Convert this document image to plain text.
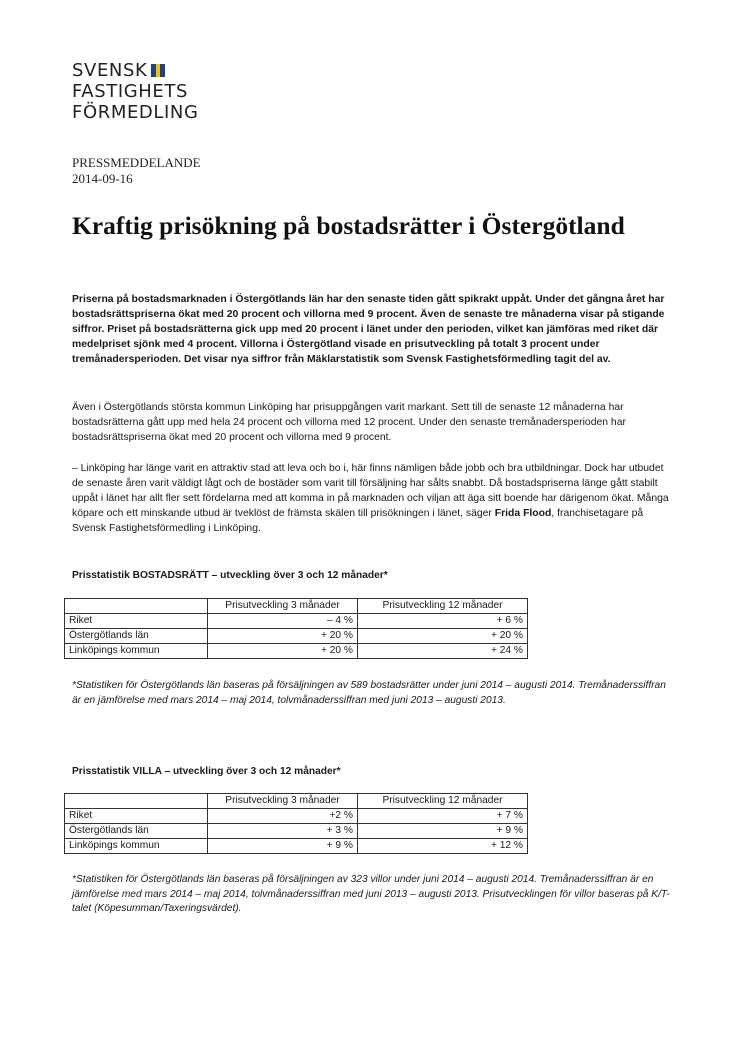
SVENSK
FASTIGHETS
FÖRMEDLING
PRESSMEDDELANDE
2014-09-16
Kraftig prisökning på bostadsrätter i Östergötland

Priserna på bostadsmarknaden i Östergötlands län har den senaste tiden gått spikrakt uppåt. Under det gångna året har bostadsrättspriserna ökat med 20 procent och villorna med 9 procent. Även de senaste tre månaderna visar på stigande siffror. Priset på bostadsrätterna gick upp med 20 procent i länet under den perioden, vilket kan jämföras med riket där medelpriset sjönk med 4 procent. Villorna i Östergötland visade en prisutveckling på totalt 3 procent under tremånadersperioden. Det visar nya siffror från Mäklarstatistik som Svensk Fastighetsförmedling tagit del av.

Även i Östergötlands största kommun Linköping har prisuppgången varit markant. Sett till de senaste 12 månaderna har bostadsrätterna gått upp med hela 24 procent och villorna med 12 procent. Under den senaste tremånadersperioden har bostadsrättspriserna ökat med 20 procent och villorna med 9 procent.

– Linköping har länge varit en attraktiv stad att leva och bo i, här finns nämligen både jobb och bra utbildningar. Dock har utbudet de senaste åren varit väldigt lågt och de bostäder som varit till försäljning har sålts snabbt. Då bostadspriserna länge gått stabilt uppåt i länet har allt fler sett fördelarna med att komma in på marknaden och viljan att äga sitt boende har därigenom ökat. Många köpare och ett minskande utbud är tveklöst de främsta skälen till prisökningen i länet, säger Frida Flood, franchisetagare på Svensk Fastighetsförmedling i Linköping.

Prisstatistik BOSTADSRÄTT – utveckling över 3 och 12 månader*

	Prisutveckling 3 månader	Prisutveckling 12 månader
Riket	– 4 %	+ 6 %
Östergötlands län	+ 20 %	+ 20 %
Linköpings kommun	+ 20 %	+ 24 %

*Statistiken för Östergötlands län baseras på försäljningen av 589 bostadsrätter under juni 2014 – augusti 2014. Tremånaderssiffran är en jämförelse med mars 2014 – maj 2014, tolvmånaderssiffran med juni 2013 – augusti 2013.

Prisstatistik VILLA – utveckling över 3 och 12 månader*

	Prisutveckling 3 månader	Prisutveckling 12 månader
Riket	+2 %	+ 7 %
Östergötlands län	+ 3 %	+ 9 %
Linköpings kommun	+ 9 %	+ 12 %

*Statistiken för Östergötlands län baseras på försäljningen av 323 villor under juni 2014 – augusti 2014. Tremånaderssiffran är en jämförelse med mars 2014 – maj 2014, tolvmånaderssiffran med juni 2013 – augusti 2013. Prisutvecklingen för villor baseras på K/T-talet (Köpesumman/Taxeringsvärdet).
